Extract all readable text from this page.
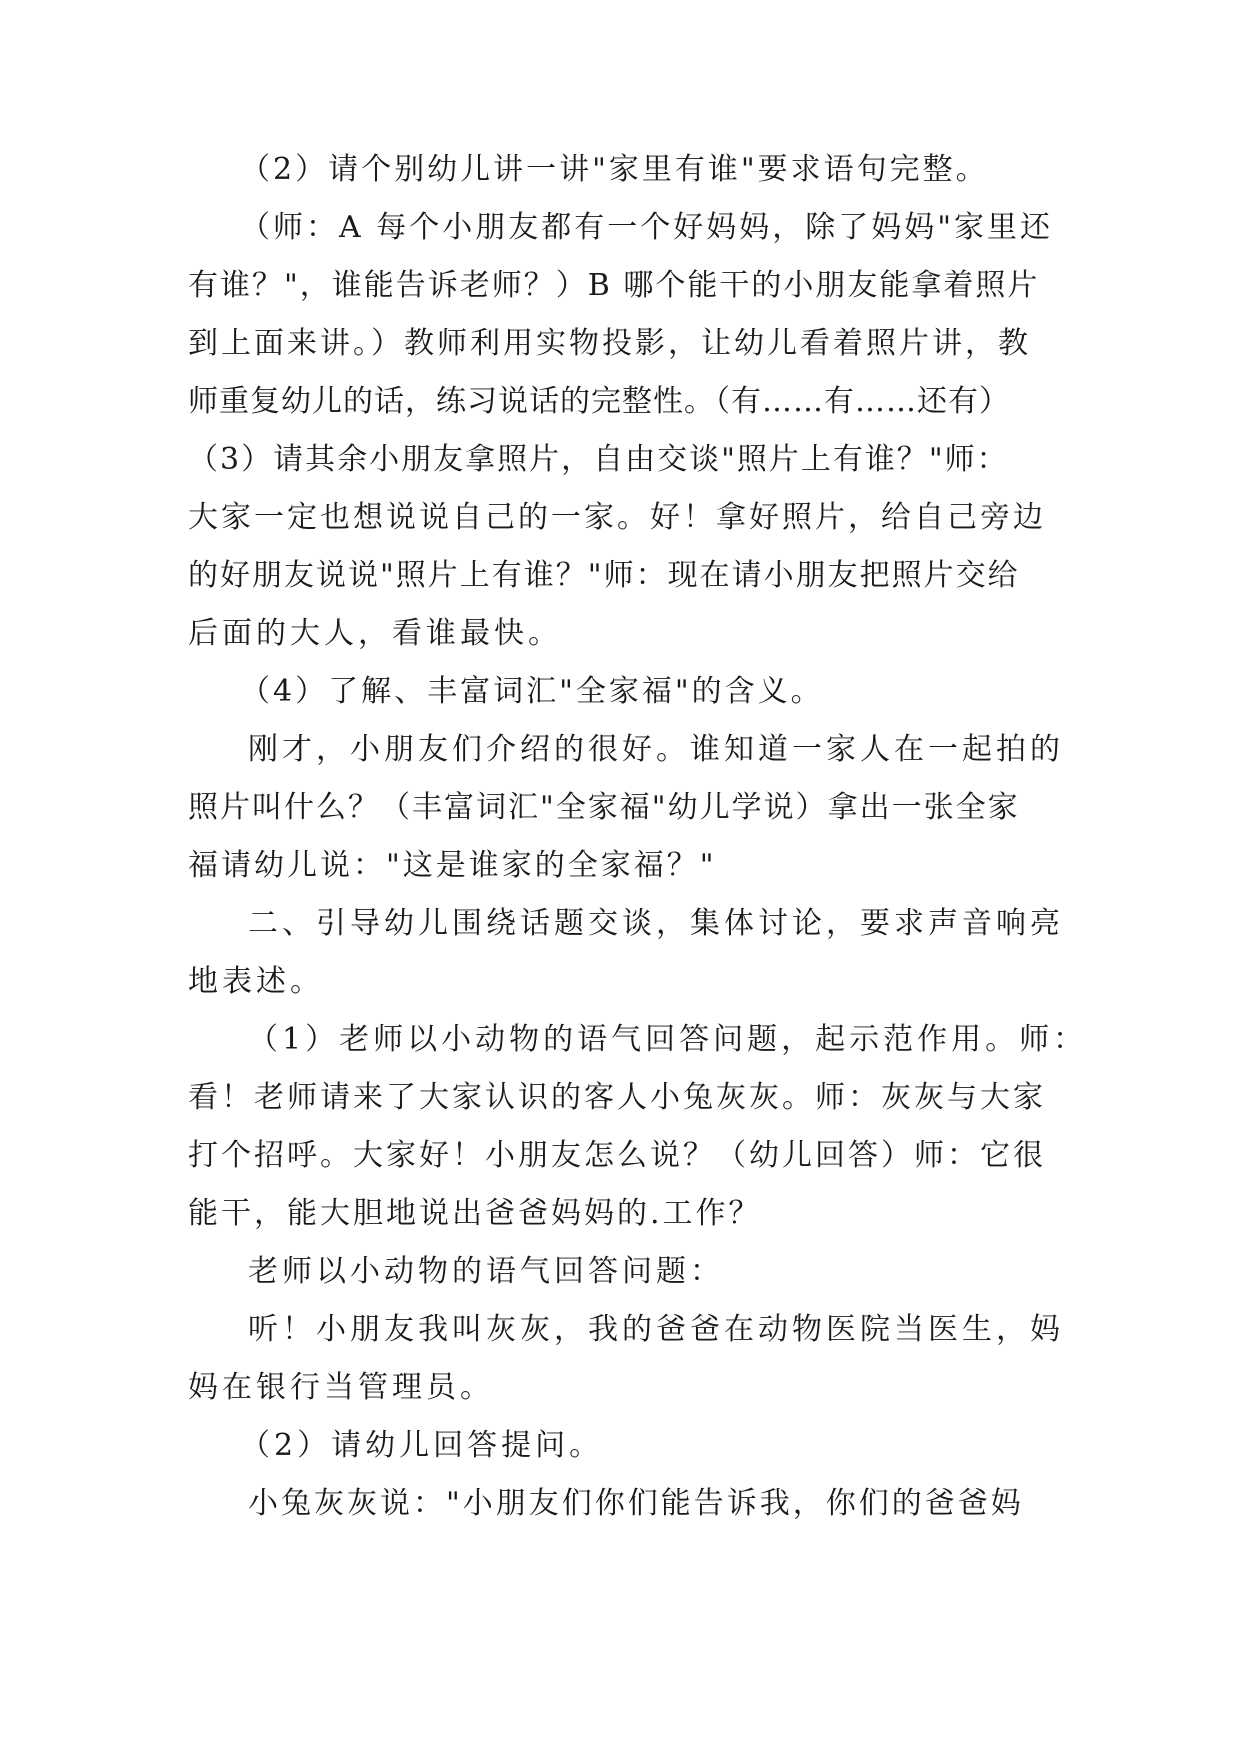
（2）请个别幼儿讲一讲"家里有谁"要求语句完整。

（师：A 每个小朋友都有一个好妈妈，除了妈妈"家里还

有谁？"，谁能告诉老师？）B 哪个能干的小朋友能拿着照片

到上面来讲。）教师利用实物投影，让幼儿看着照片讲，教

师重复幼儿的话，练习说话的完整性。（有……有……还有）

（3）请其余小朋友拿照片，自由交谈"照片上有谁？"师：

大家一定也想说说自己的一家。好！拿好照片，给自己旁边

的好朋友说说"照片上有谁？"师：现在请小朋友把照片交给

后面的大人，看谁最快。

（4）了解、丰富词汇"全家福"的含义。

刚才，小朋友们介绍的很好。谁知道一家人在一起拍的

照片叫什么？（丰富词汇"全家福"幼儿学说）拿出一张全家

福请幼儿说："这是谁家的全家福？"

二、引导幼儿围绕话题交谈，集体讨论，要求声音响亮

地表述。

（1）老师以小动物的语气回答问题，起示范作用。师：

看！老师请来了大家认识的客人小兔灰灰。师：灰灰与大家

打个招呼。大家好！小朋友怎么说？（幼儿回答）师：它很

能干，能大胆地说出爸爸妈妈的.工作？

老师以小动物的语气回答问题：

听！小朋友我叫灰灰，我的爸爸在动物医院当医生，妈

妈在银行当管理员。

（2）请幼儿回答提问。

小兔灰灰说："小朋友们你们能告诉我，你们的爸爸妈
